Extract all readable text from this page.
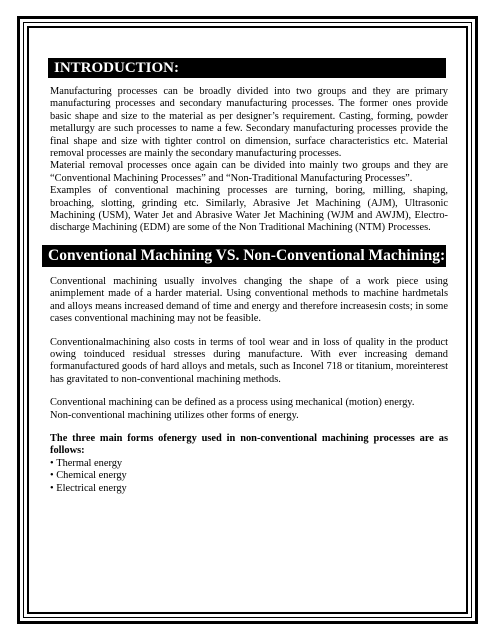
INTRODUCTION:

Manufacturing processes can be broadly divided into two groups and they are primary manufacturing processes and secondary manufacturing processes. The former ones provide basic shape and size to the material as per designer’s requirement. Casting, forming, powder metallurgy are such processes to name a few. Secondary manufacturing processes provide the final shape and size with tighter control on dimension, surface characteristics etc. Material removal processes are mainly the secondary manufacturing processes.

Material removal processes once again can be divided into mainly two groups and they are “Conventional Machining Processes” and “Non-Traditional Manufacturing Processes”.

Examples of conventional machining processes are turning, boring, milling, shaping, broaching, slotting, grinding etc. Similarly, Abrasive Jet Machining (AJM), Ultrasonic Machining (USM), Water Jet and Abrasive Water Jet Machining (WJM and AWJM), Electro-discharge Machining (EDM) are some of the Non Traditional Machining (NTM) Processes.

Conventional Machining VS. Non-Conventional Machining:

Conventional machining usually involves changing the shape of a work piece using animplement made of a harder material. Using conventional methods to machine hardmetals and alloys means increased demand of time and energy and therefore increasesin costs; in some cases conventional machining may not be feasible.

Conventionalmachining also costs in terms of tool wear and in loss of quality in the product owing toinduced residual stresses during manufacture. With ever increasing demand formanufactured goods of hard alloys and metals, such as Inconel 718 or titanium, moreinterest has gravitated to non-conventional machining methods.

Conventional machining can be defined as a process using mechanical (motion) energy.

Non-conventional machining utilizes other forms of energy.

The three main forms ofenergy used in non-conventional machining processes are as follows:

• Thermal energy
• Chemical energy
• Electrical energy
